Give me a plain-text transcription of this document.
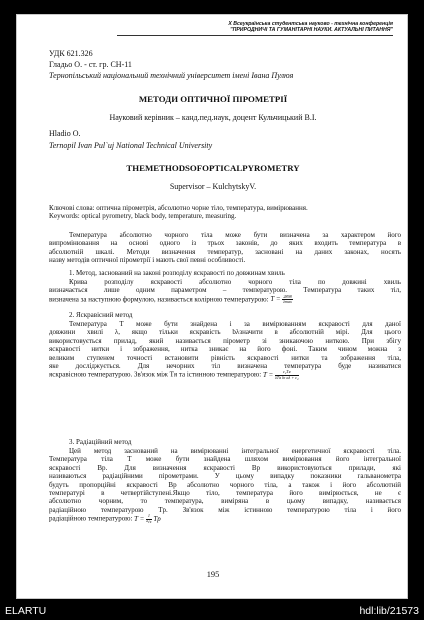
X Всеукраїнська студентська науково - технічна конференція
"ПРИРОДНИЧІ ТА ГУМАНІТАРНІ НАУКИ. АКТУАЛЬНІ ПИТАННЯ"
УДК 621.326
Гладьо О. - ст. гр. СН-11
Тернопільський національний технічний університет імені Івана Пулюя
МЕТОДИ ОПТИЧНОЇ ПІРОМЕТРІЇ
Науковий керівник – канд.пед.наук, доцент Кульчицький В.І.
Hladio O.
Ternopil Ivan Pul`uj National Technical University
THEMETHODSOFOPTICALPYROMETRY
Supervisor – KulchytskyV.
Ключові слова: оптична пірометрія, абсолютно чорне тіло, температура, вимірювання.
Keywords: optical pyrometry, black body, temperature, measuring.
Температура абсолютно чорного тіла може бути визначена за характером його
випромінювання на основі одного із трьох законів, до яких входить температура в
абсолютній шкалі. Методи визначення температур, засновані на даних законах, носять
назву методів оптичної пірометрії і мають свої певні особливості.
1. Метод, заснований на законі розподілу яскравості по довжинам хвиль
Крива розподілу яскравості абсолютно чорного тіла по довжині хвиль
визначається лише одним параметром – температурою. Температура таких тіл,
визначена за наступною формулою, називається колірною температурою: $T = \frac{2898}{\lambda\max}$
2. Яскравісний метод
Температура T може бути знайдена і за вимірюванням яскравості для даної
довжини хвилі λ, якщо тільки яскравість bλзначити в абсолютній мірі. Для цього
використовується прилад, який називається пірометр зі зникаючою ниткою. При збігу
яскравості нитки і зображення, нитка зникає на його фоні. Таким чином можна з
великим ступенем точності встановити рівність яскравості нитки та зображення тіла,
яке досліджується. Для нечорних тіл визначена температура буде називатися
яскравісною температурою. Зв'язок між Tя та істинною температурою: $T = \frac{\text{c₂Tя}}{\text{λTя ln aλ + c₂}}$
3. Радіаційний метод
Цей метод заснований на вимірюванні інтегральної енергетичної яскравості тіла.
Температура тіла T може бути знайдена шляхом вимірювання його інтегральної
яскравості Bр. Для визначення яскравості Bр використовуються прилади, які
називаються радіаційними пірометрами. У цьому випадку показники гальванометра
будуть пропорційні яскравості Bр абсолютно чорного тіла, а також і його абсолютній
температурі в четвертійступені.Якщо тіло, температура його вимірюється, не є
абсолютно чорним, то температура, виміряна в цьому випадку, називається
радіаційною температурою Tр. Зв'язок між істинною температурою тіла і його
радіаційною температурою: $T = \frac{1}{\text{⁴√ε}}$ Tр
195
ELARTU	hdl:lib/21573
